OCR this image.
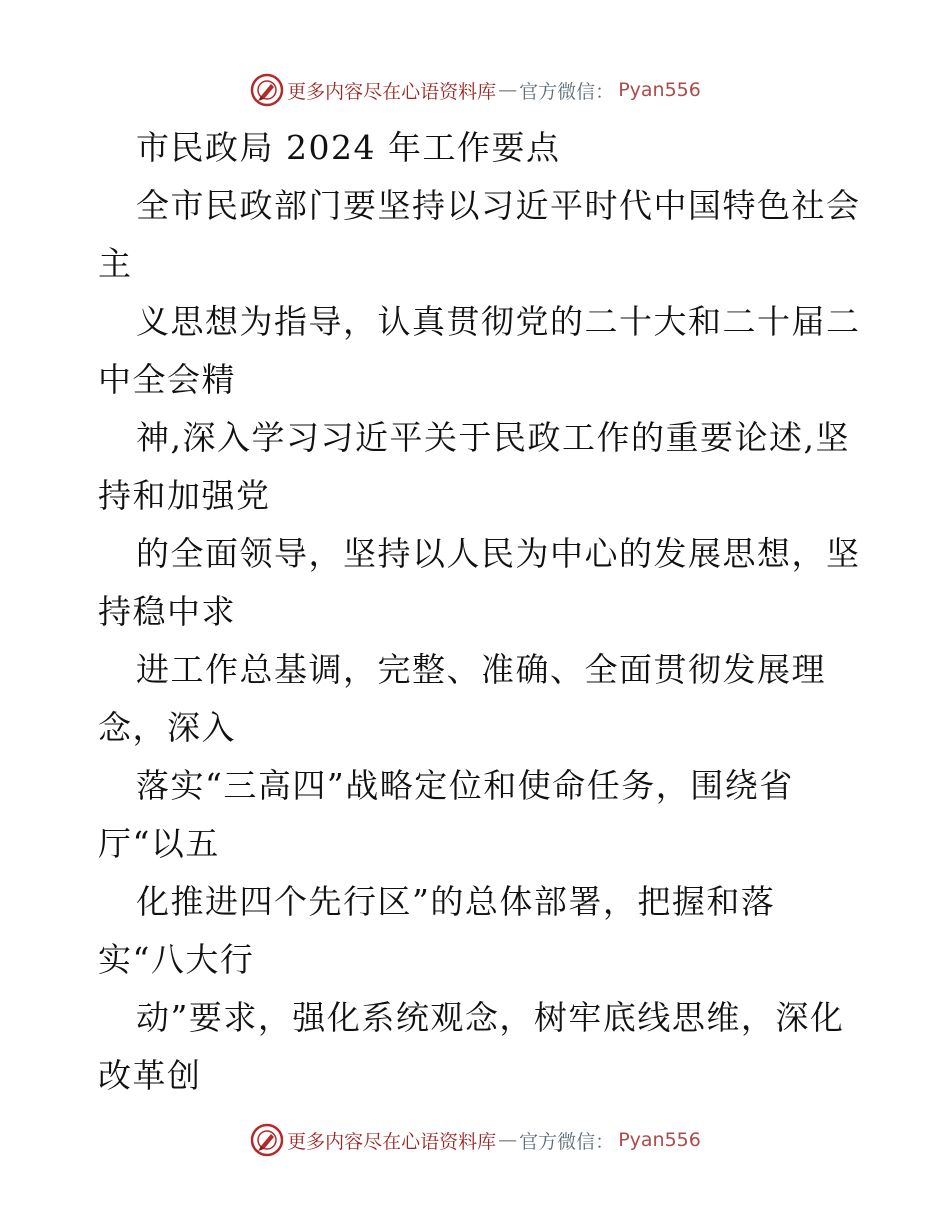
更多内容尽在心语资料库 — 官方微信： Pyan556
市民政局 2024 年工作要点
全市民政部门要坚持以习近平时代中国特色社会
主
义思想为指导，认真贯彻党的二十大和二十届二
中全会精
神,深入学习习近平关于民政工作的重要论述,坚
持和加强党
的全面领导，坚持以人民为中心的发展思想，坚
持稳中求
进工作总基调，完整、准确、全面贯彻发展理
念，深入
落实“三高四”战略定位和使命任务，围绕省
厅“以五
化推进四个先行区”的总体部署，把握和落
实“八大行
动”要求，强化系统观念，树牢底线思维，深化
改革创
更多内容尽在心语资料库 — 官方微信： Pyan556
